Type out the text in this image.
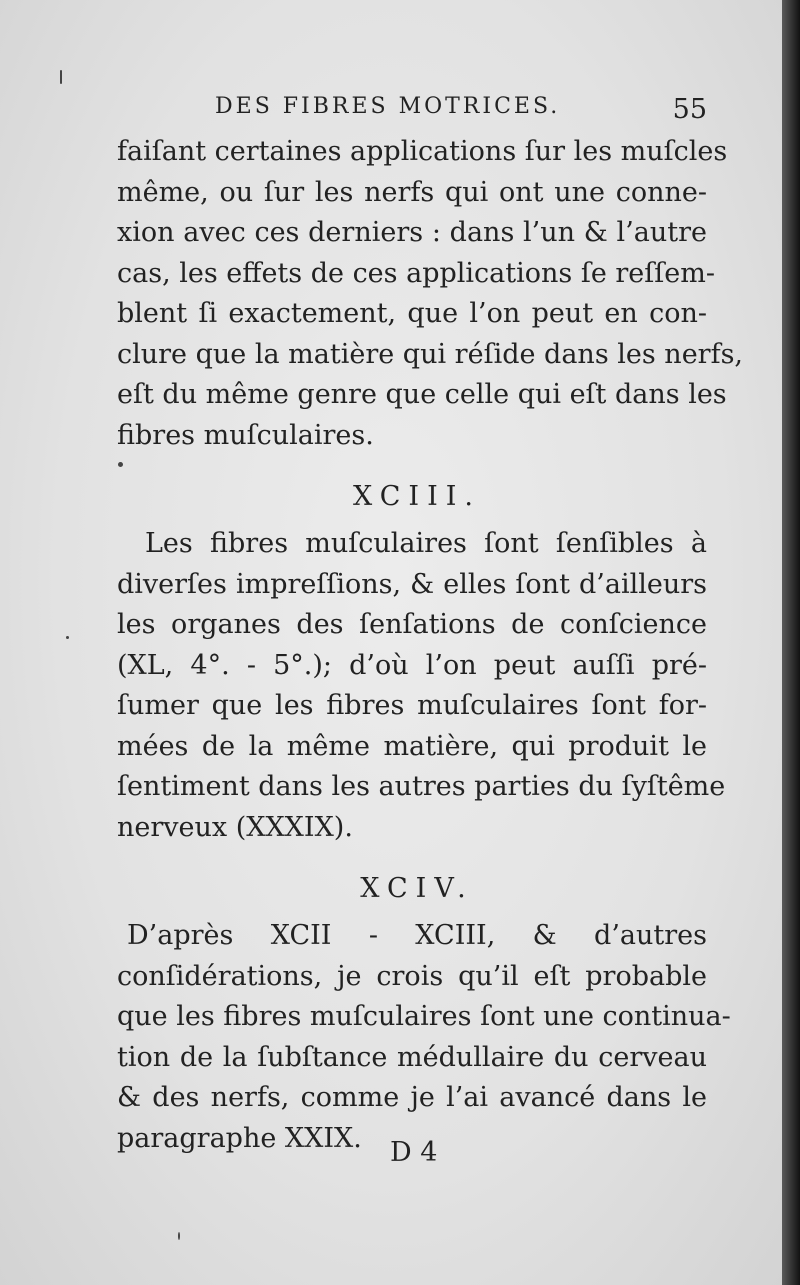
DES FIBRES MOTRICES.	55

faiſant certaines applications ſur les muſcles
même, ou ſur les nerfs qui ont une conne-
xion avec ces derniers : dans l’un & l’autre
cas, les effets de ces applications ſe reſſem-
blent ſi exactement, que l’on peut en con-
clure que la matière qui réſide dans les nerfs,
eſt du même genre que celle qui eſt dans les
fibres muſculaires.

XCIII.

Les fibres muſculaires ſont ſenſibles à
diverſes impreſſions, & elles ſont d’ailleurs
les organes des ſenſations de conſcience
(XL, 4°. - 5°.); d’où l’on peut auſſi pré-
ſumer que les fibres muſculaires ſont for-
mées de la même matière, qui produit le
ſentiment dans les autres parties du ſyſtême
nerveux (XXXIX).

XCIV.

D’après XCII - XCIII, & d’autres
conſidérations, je crois qu’il eſt probable
que les fibres muſculaires ſont une continua-
tion de la ſubſtance médullaire du cerveau
& des nerfs, comme je l’ai avancé dans le
paragraphe XXIX.	D 4
